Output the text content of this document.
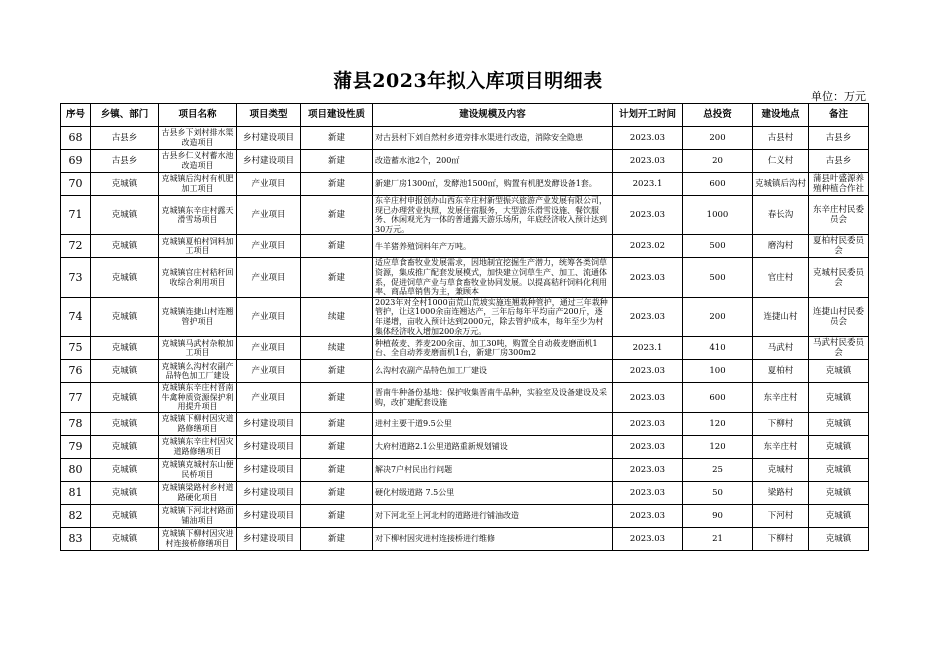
蒲县2023年拟入库项目明细表
单位：万元
序号	乡镇、部门	项目名称	项目类型	项目建设性质	建设规模及内容	计划开工时间	总投资	建设地点	备注
68	古县乡	古县乡下刘村排水渠改造项目	乡村建设项目	新建	对古县村下刘自然村乡道旁排水渠进行改造，消除安全隐患	2023.03	200	古县村	古县乡
69	古县乡	古县乡仁义村蓄水池改造项目	乡村建设项目	新建	改造蓄水池2个，200㎡	2023.03	20	仁义村	古县乡
70	克城镇	克城镇后沟村有机肥加工项目	产业项目	新建	新建厂房1300㎡，发酵池1500㎡，购置有机肥发酵设备1套。	2023.1	600	克城镇后沟村	蒲县叶盛源养殖种植合作社
71	克城镇	克城镇东辛庄村露天滑雪场项目	产业项目	新建	东辛庄村申报创办山西东辛庄村新型振兴旅游产业发展有限公司，现已办理营业执照，发展住宿服务，大型游乐滑雪设施、餐饮服务、休闲观光为一体的普通露天游乐场所，年底经济收入预计达到30万元。	2023.03	1000	春长沟	东辛庄村民委员会
72	克城镇	克城镇夏柏村饲料加工项目	产业项目	新建	牛羊猪养殖饲料年产万吨。	2023.02	500	磨沟村	夏柏村民委员会
73	克城镇	克城镇官庄村秸秆回收综合利用项目	产业项目	新建	适应草食畜牧业发展需求，因地制宜挖掘生产潜力，统筹各类饲草资源，集成推广配套发展模式，加快建立饲草生产、加工、流通体系，促进饲草产业与草食畜牧业协同发展。以提高秸秆饲料化利用率、商品草销售为主，兼顾本	2023.03	500	官庄村	克城村民委员会
74	克城镇	克城镇连捷山村连翘管护项目	产业项目	续建	2023年对全村1000亩荒山荒坡实施连翘栽种管护，通过三年栽种管护，让这1000余亩连翘达产，三年后每年平均亩产200斤，逐年递增，亩收入预计达到2000元，除去管护成本，每年至少为村集体经济收入增加200余万元。	2023.03	200	连捷山村	连捷山村民委员会
75	克城镇	克城镇马武村杂粮加工项目	产业项目	续建	种植莜麦、荞麦200余亩、加工30吨，购置全自动莜麦磨面机1台、全自动荞麦磨面机1台，新建厂房300m2	2023.1	410	马武村	马武村民委员会
76	克城镇	克城镇么沟村农副产品特色加工厂建设	产业项目	新建	么沟村农副产品特色加工厂建设	2023.03	100	夏柏村	克城镇
77	克城镇	克城镇东辛庄村晋南牛禽种质资源保护利用提升项目	产业项目	新建	晋南牛种备份基地：保护收集晋南牛品种，实验室及设备建设及采购，改扩建配套设施	2023.03	600	东辛庄村	克城镇
78	克城镇	克城镇下柳村因灾道路修缮项目	乡村建设项目	新建	进村主要干道9.5公里	2023.03	120	下柳村	克城镇
79	克城镇	克城镇东辛庄村因灾道路修缮项目	乡村建设项目	新建	大府村道路2.1公里道路重新规划铺设	2023.03	120	东辛庄村	克城镇
80	克城镇	克城镇克城村东山便民桥项目	乡村建设项目	新建	解决7户村民出行问题	2023.03	25	克城村	克城镇
81	克城镇	克城镇梁路村乡村道路硬化项目	乡村建设项目	新建	硬化村级道路 7.5公里	2023.03	50	梁路村	克城镇
82	克城镇	克城镇下河北村路面铺油项目	乡村建设项目	新建	对下河北至上河北村的道路进行铺油改造	2023.03	90	下河村	克城镇
83	克城镇	克城镇下柳村因灾进村连接桥修缮项目	乡村建设项目	新建	对下柳村因灾进村连接桥进行维修	2023.03	21	下柳村	克城镇
